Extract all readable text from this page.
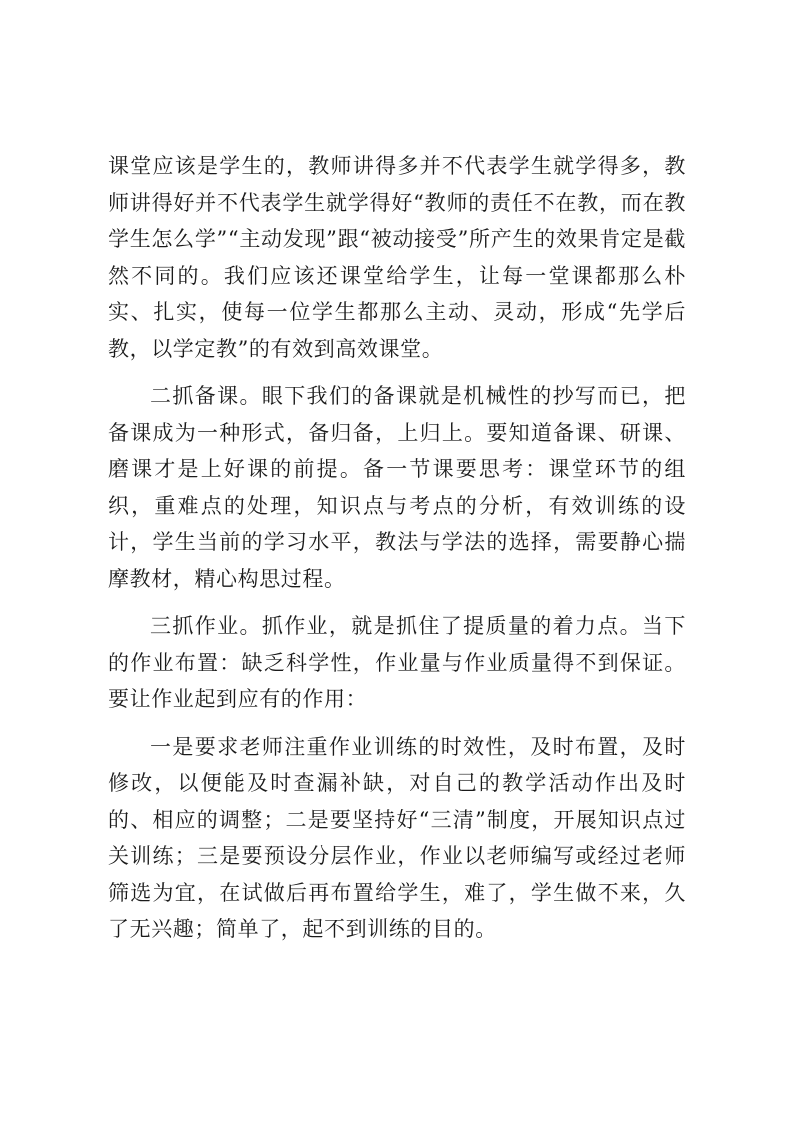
课堂应该是学生的，教师讲得多并不代表学生就学得多，教师讲得好并不代表学生就学得好“教师的责任不在教，而在教学生怎么学”“主动发现”跟“被动接受”所产生的效果肯定是截然不同的。我们应该还课堂给学生，让每一堂课都那么朴实、扎实，使每一位学生都那么主动、灵动，形成“先学后教，以学定教”的有效到高效课堂。

二抓备课。眼下我们的备课就是机械性的抄写而已，把备课成为一种形式，备归备，上归上。要知道备课、研课、磨课才是上好课的前提。备一节课要思考：课堂环节的组织，重难点的处理，知识点与考点的分析，有效训练的设计，学生当前的学习水平，教法与学法的选择，需要静心揣摩教材，精心构思过程。

三抓作业。抓作业，就是抓住了提质量的着力点。当下的作业布置：缺乏科学性，作业量与作业质量得不到保证。要让作业起到应有的作用：

一是要求老师注重作业训练的时效性，及时布置，及时修改，以便能及时查漏补缺，对自己的教学活动作出及时的、相应的调整；二是要坚持好“三清”制度，开展知识点过关训练；三是要预设分层作业，作业以老师编写或经过老师筛选为宜，在试做后再布置给学生，难了，学生做不来，久了无兴趣；简单了，起不到训练的目的。
